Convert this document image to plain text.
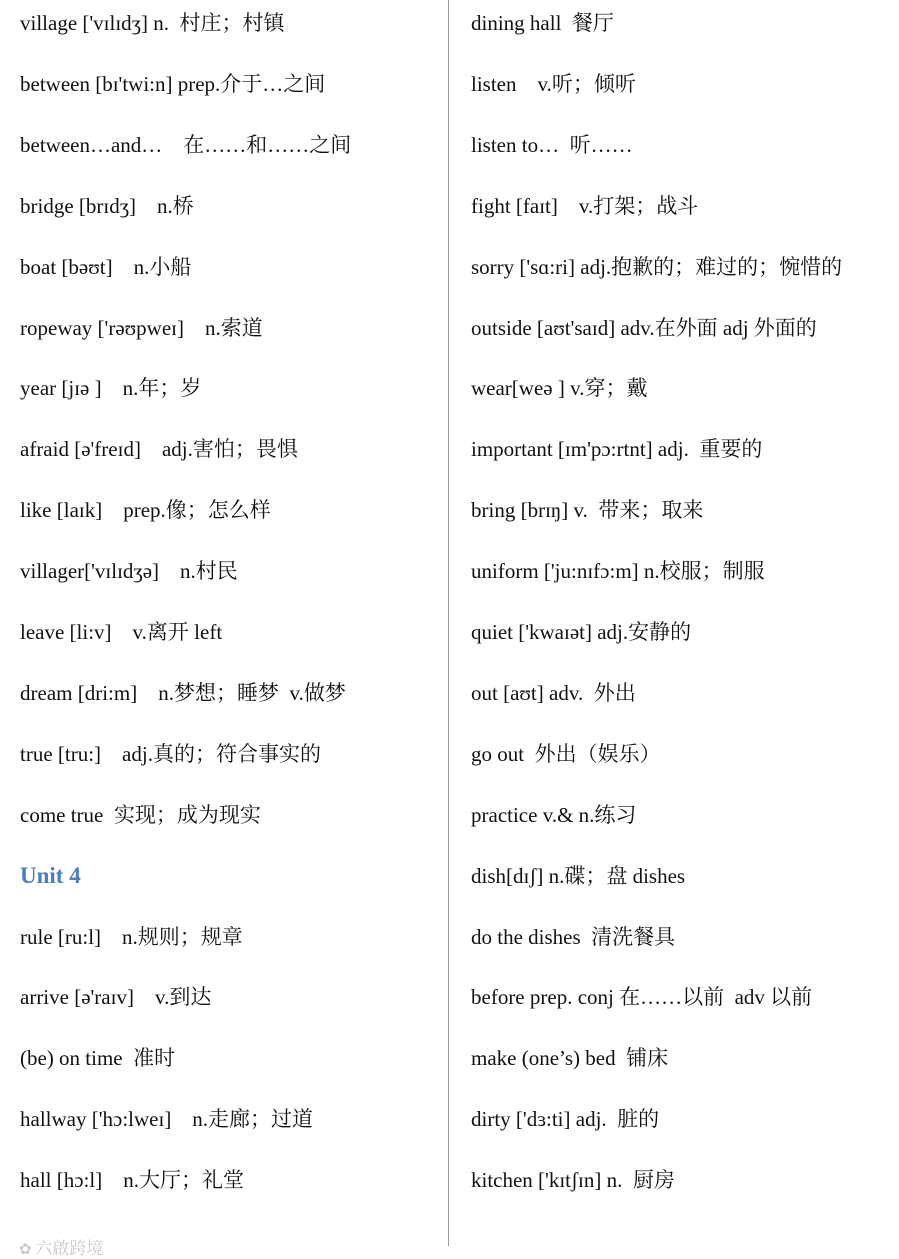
village ['vɪlɪdʒ] n.  村庄；村镇
between [bɪ'twi:n] prep.介于…之间
between…and…    在……和……之间
bridge [brɪdʒ]    n.桥
boat [bəʊt]    n.小船
ropeway ['rəʊpweɪ]    n.索道
year [jɪə ]    n.年；岁
afraid [ə'freɪd]    adj.害怕；畏惧
like [laɪk]    prep.像；怎么样
villager['vɪlɪdʒə]    n.村民
leave [li:v]    v.离开 left
dream [dri:m]    n.梦想；睡梦  v.做梦
true [tru:]    adj.真的；符合事实的
come true  实现；成为现实
Unit 4
rule [ru:l]    n.规则；规章
arrive [ə'raɪv]    v.到达
(be) on time  准时
hallway ['hɔ:lweɪ]    n.走廊；过道
hall [hɔ:l]    n.大厅；礼堂
dining hall  餐厅
listen    v.听；倾听
listen to…  听……
fight [faɪt]    v.打架；战斗
sorry ['sɑ:ri] adj.抱歉的；难过的；惋惜的
outside [aʊt'saɪd] adv.在外面 adj 外面的
wear[weə ] v.穿；戴
important [ɪm'pɔ:rtnt] adj.  重要的
bring [brɪŋ] v.  带来；取来
uniform ['ju:nɪfɔ:m] n.校服；制服
quiet ['kwaɪət] adj.安静的
out [aʊt] adv.  外出
go out  外出（娱乐）
practice v.& n.练习
dish[dɪʃ] n.碟；盘 dishes
do the dishes  清洗餐具
before prep. conj 在……以前  adv 以前
make (one’s) bed  铺床
dirty ['dɜ:ti] adj.  脏的
kitchen ['kɪtʃɪn] n.  厨房

✿ 六啟跨境
